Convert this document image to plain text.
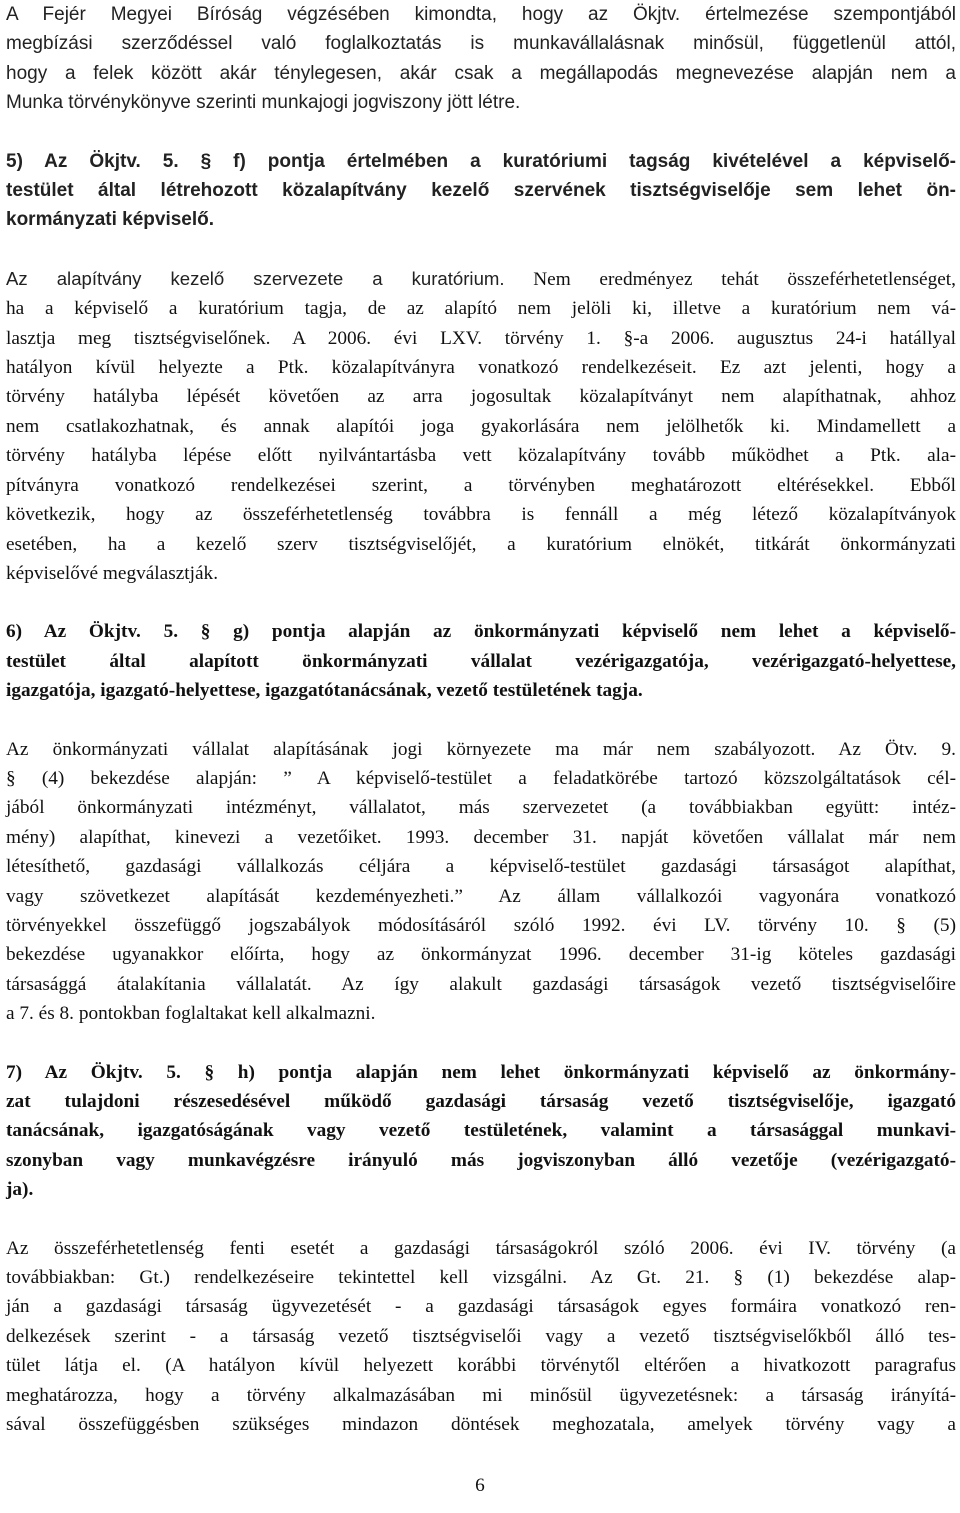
A Fejér Megyei Bíróság végzésében kimondta, hogy az Ökjtv. értelmezése szempontjából
megbízási szerződéssel való foglalkoztatás is munkavállalásnak minősül, függetlenül attól,
hogy a felek között akár ténylegesen, akár csak a megállapodás megnevezése alapján nem a
Munka törvénykönyve szerinti munkajogi jogviszony jött létre.
5) Az Ökjtv. 5. § f) pontja értelmében a kuratóriumi tagság kivételével a képviselő-
testület által létrehozott közalapítvány kezelő szervének tisztségviselője sem lehet ön-
kormányzati képviselő.
Az alapítvány kezelő szervezete a kuratórium. Nem eredményez tehát összeférhetetlenséget,
ha a képviselő a kuratórium tagja, de az alapító nem jelöli ki, illetve a kuratórium nem vá-
lasztja meg tisztségviselőnek. A 2006. évi LXV. törvény 1. §-a 2006. augusztus 24-i hatállyal
hatályon kívül helyezte a Ptk. közalapítványra vonatkozó rendelkezéseit. Ez azt jelenti, hogy a
törvény hatályba lépését követően az arra jogosultak közalapítványt nem alapíthatnak, ahhoz
nem csatlakozhatnak, és annak alapítói joga gyakorlására nem jelölhetők ki. Mindamellett a
törvény hatályba lépése előtt nyilvántartásba vett közalapítvány tovább működhet a Ptk. ala-
pítványra vonatkozó rendelkezései szerint, a törvényben meghatározott eltérésekkel. Ebből
következik, hogy az összeférhetetlenség továbbra is fennáll a még létező közalapítványok
esetében, ha a kezelő szerv tisztségviselőjét, a kuratórium elnökét, titkárát önkormányzati
képviselővé megválasztják.
6) Az Ökjtv. 5. § g) pontja alapján az önkormányzati képviselő nem lehet a képviselő-
testület által alapított önkormányzati vállalat vezérigazgatója, vezérigazgató-helyettese,
igazgatója, igazgató-helyettese, igazgatótanácsának, vezető testületének tagja.
Az önkormányzati vállalat alapításának jogi környezete ma már nem szabályozott. Az Ötv. 9.
§ (4) bekezdése alapján: ” A képviselő-testület a feladatkörébe tartozó közszolgáltatások cél-
jából önkormányzati intézményt, vállalatot, más szervezetet (a továbbiakban együtt: intéz-
mény) alapíthat, kinevezi a vezetőiket. 1993. december 31. napját követően vállalat már nem
létesíthető, gazdasági vállalkozás céljára a képviselő-testület gazdasági társaságot alapíthat,
vagy szövetkezet alapítását kezdeményezheti.” Az állam vállalkozói vagyonára vonatkozó
törvényekkel összefüggő jogszabályok módosításáról szóló 1992. évi LV. törvény 10. § (5)
bekezdése ugyanakkor előírta, hogy az önkormányzat 1996. december 31-ig köteles gazdasági
társasággá átalakítania vállalatát. Az így alakult gazdasági társaságok vezető tisztségviselőire
a 7. és 8. pontokban foglaltakat kell alkalmazni.
7) Az Ökjtv. 5. § h) pontja alapján nem lehet önkormányzati képviselő az önkormány-
zat tulajdoni részesedésével működő gazdasági társaság vezető tisztségviselője, igazgató
tanácsának, igazgatóságának vagy vezető testületének, valamint a társasággal munkavi-
szonyban vagy munkavégzésre irányuló más jogviszonyban álló vezetője (vezérigazgató-
ja).
Az összeférhetetlenség fenti esetét a gazdasági társaságokról szóló 2006. évi IV. törvény (a
továbbiakban: Gt.) rendelkezéseire tekintettel kell vizsgálni. Az Gt. 21. § (1) bekezdése alap-
ján a gazdasági társaság ügyvezetését - a gazdasági társaságok egyes formáira vonatkozó ren-
delkezések szerint - a társaság vezető tisztségviselői vagy a vezető tisztségviselőkből álló tes-
tület látja el. (A hatályon kívül helyezett korábbi törvénytől eltérően a hivatkozott paragrafus
meghatározza, hogy a törvény alkalmazásában mi minősül ügyvezetésnek: a társaság irányítá-
sával összefüggésben szükséges mindazon döntések meghozatala, amelyek törvény vagy a
6
